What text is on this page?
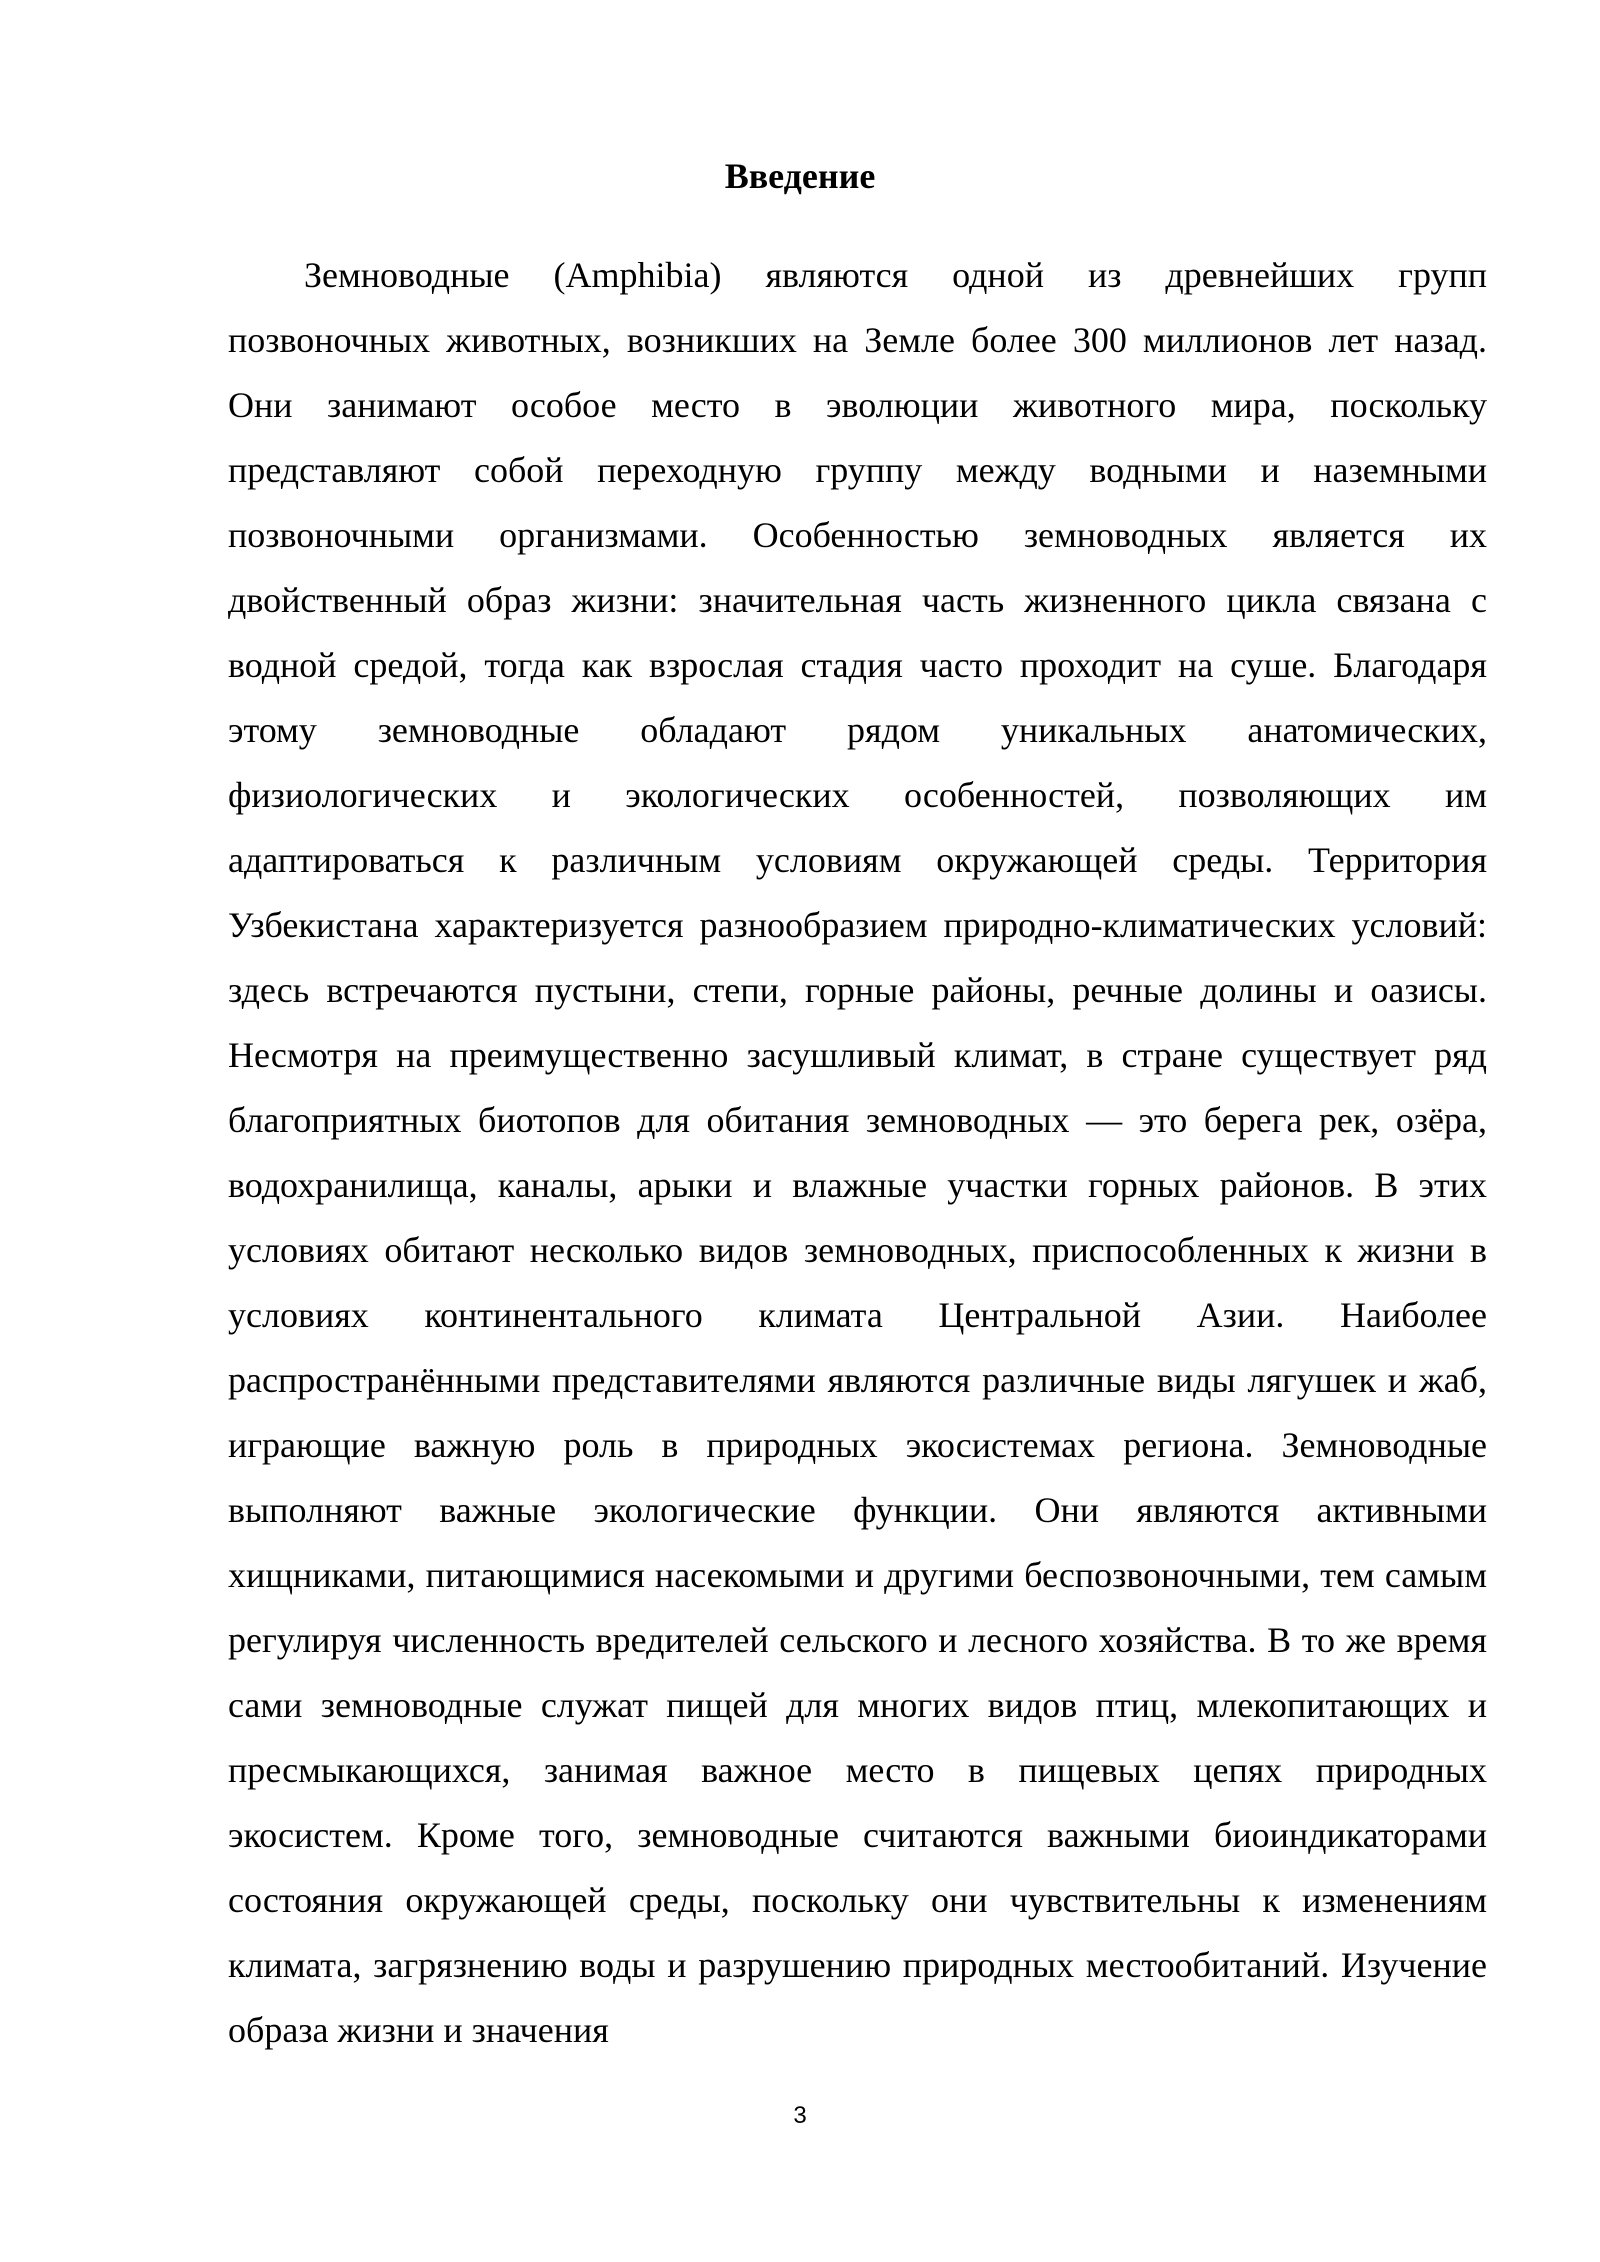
Введение

Земноводные (Amphibia) являются одной из древнейших групп позвоночных животных, возникших на Земле более 300 миллионов лет назад. Они занимают особое место в эволюции животного мира, поскольку представляют собой переходную группу между водными и наземными позвоночными организмами. Особенностью земноводных является их двойственный образ жизни: значительная часть жизненного цикла связана с водной средой, тогда как взрослая стадия часто проходит на суше. Благодаря этому земноводные обладают рядом уникальных анатомических, физиологических и экологических особенностей, позволяющих им адаптироваться к различным условиям окружающей среды. Территория Узбекистана характеризуется разнообразием природно-климатических условий: здесь встречаются пустыни, степи, горные районы, речные долины и оазисы. Несмотря на преимущественно засушливый климат, в стране существует ряд благоприятных биотопов для обитания земноводных — это берега рек, озёра, водохранилища, каналы, арыки и влажные участки горных районов. В этих условиях обитают несколько видов земноводных, приспособленных к жизни в условиях континентального климата Центральной Азии. Наиболее распространёнными представителями являются различные виды лягушек и жаб, играющие важную роль в природных экосистемах региона. Земноводные выполняют важные экологические функции. Они являются активными хищниками, питающимися насекомыми и другими беспозвоночными, тем самым регулируя численность вредителей сельского и лесного хозяйства. В то же время сами земноводные служат пищей для многих видов птиц, млекопитающих и пресмыкающихся, занимая важное место в пищевых цепях природных экосистем. Кроме того, земноводные считаются важными биоиндикаторами состояния окружающей среды, поскольку они чувствительны к изменениям климата, загрязнению воды и разрушению природных местообитаний. Изучение образа жизни и значения

3
